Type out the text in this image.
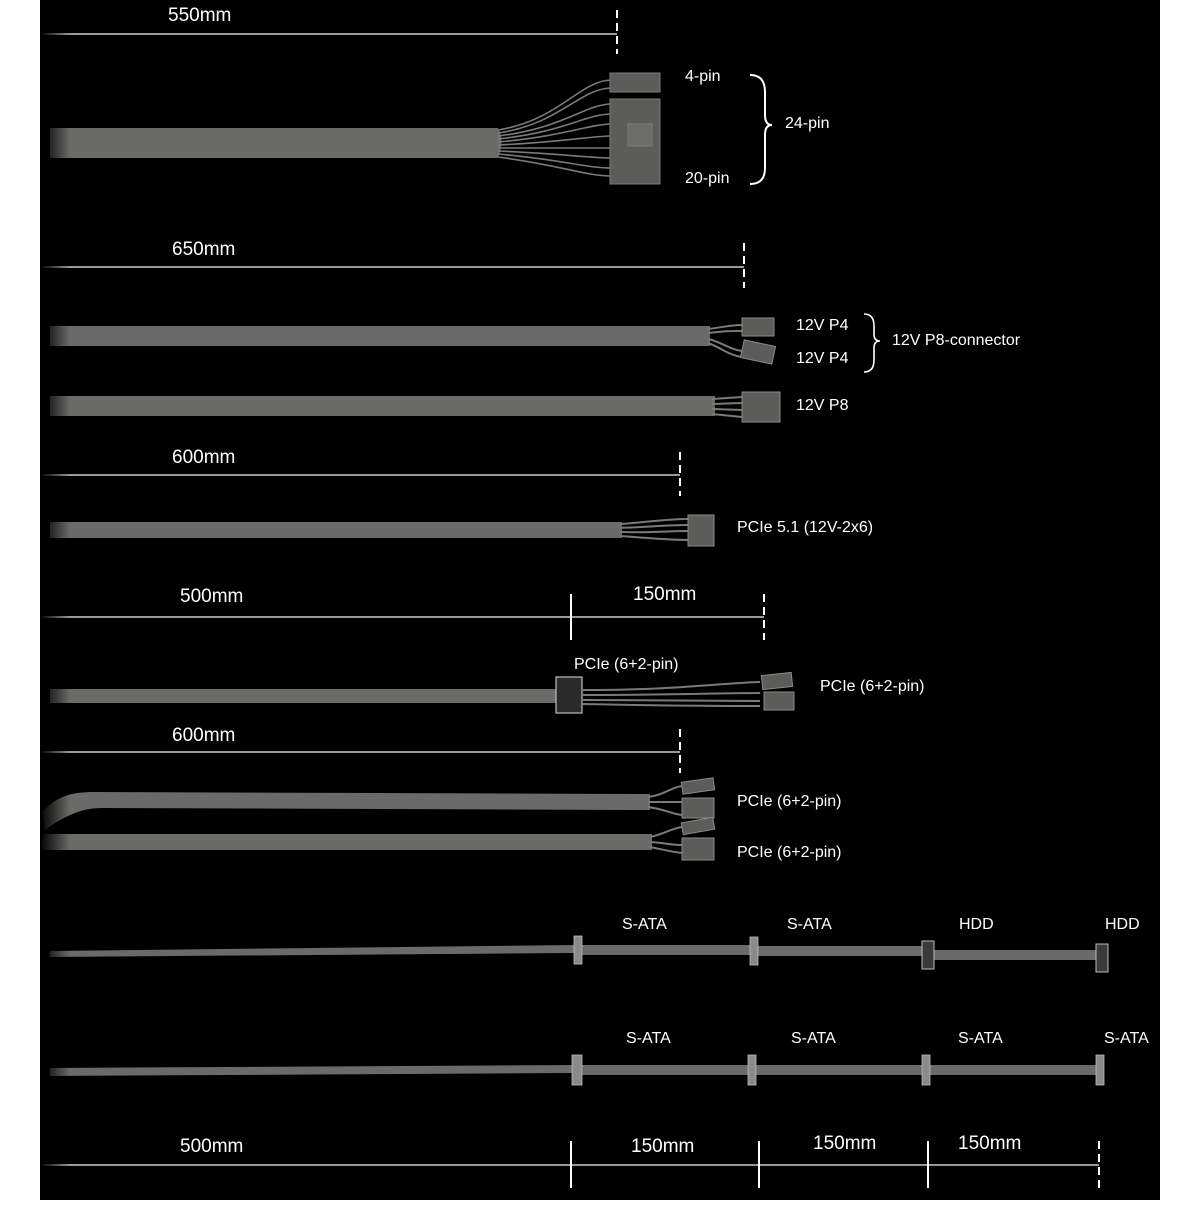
550mm
4-pin
24-pin
20-pin
650mm
12V P4
12V P8-connector
12V P4
12V P8
600mm
PCIe 5.1 (12V-2x6)
500mm	150mm
PCIe (6+2-pin)
PCIe (6+2-pin)
600mm
PCIe (6+2-pin)
PCIe (6+2-pin)
S-ATA	S-ATA	HDD	HDD
S-ATA	S-ATA	S-ATA	S-ATA
500mm	150mm	150mm	150mm
